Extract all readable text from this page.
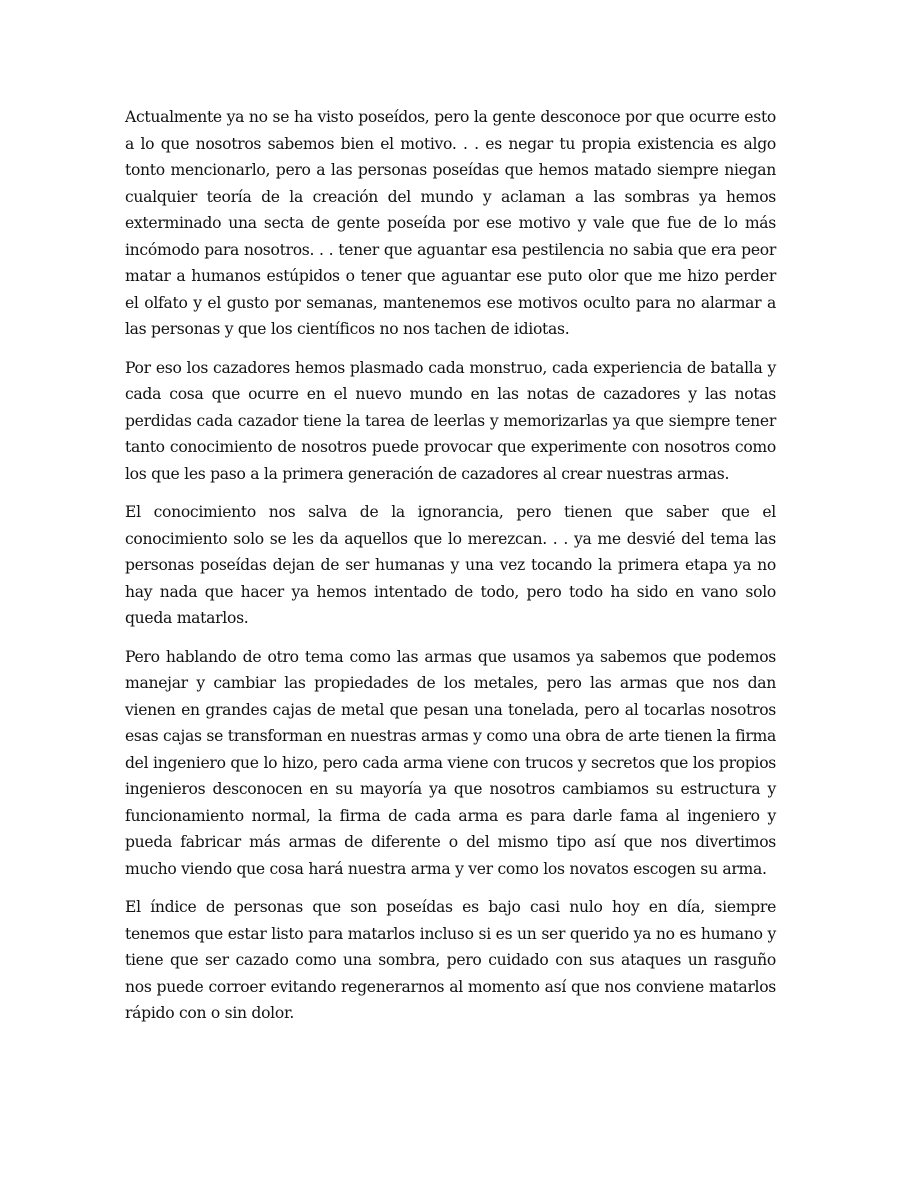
Actualmente ya no se ha visto poseídos, pero la gente desconoce por que ocurre esto a lo que nosotros sabemos bien el motivo. . . es negar tu propia existencia es algo tonto mencionarlo, pero a las personas poseídas que hemos matado siempre niegan cualquier teoría de la creación del mundo y aclaman a las sombras ya hemos exterminado una secta de gente poseída por ese motivo y vale que fue de lo más incómodo para nosotros. . . tener que aguantar esa pestilencia no sabia que era peor matar a humanos estúpidos o tener que aguantar ese puto olor que me hizo perder el olfato y el gusto por semanas, mantenemos ese motivos oculto para no alarmar a las personas y que los científicos no nos tachen de idiotas.

Por eso los cazadores hemos plasmado cada monstruo, cada experiencia de batalla y cada cosa que ocurre en el nuevo mundo en las notas de cazadores y las notas perdidas cada cazador tiene la tarea de leerlas y memorizarlas ya que siempre tener tanto conocimiento de nosotros puede provocar que experimente con nosotros como los que les paso a la primera generación de cazadores al crear nuestras armas.

El conocimiento nos salva de la ignorancia, pero tienen que saber que el conocimiento solo se les da aquellos que lo merezcan. . . ya me desvié del tema las personas poseídas dejan de ser humanas y una vez tocando la primera etapa ya no hay nada que hacer ya hemos intentado de todo, pero todo ha sido en vano solo queda matarlos.

Pero hablando de otro tema como las armas que usamos ya sabemos que podemos manejar y cambiar las propiedades de los metales, pero las armas que nos dan vienen en grandes cajas de metal que pesan una tonelada, pero al tocarlas nosotros esas cajas se transforman en nuestras armas y como una obra de arte tienen la firma del ingeniero que lo hizo, pero cada arma viene con trucos y secretos que los propios ingenieros desconocen en su mayoría ya que nosotros cambiamos su estructura y funcionamiento normal, la firma de cada arma es para darle fama al ingeniero y pueda fabricar más armas de diferente o del mismo tipo así que nos divertimos mucho viendo que cosa hará nuestra arma y ver como los novatos escogen su arma.

El índice de personas que son poseídas es bajo casi nulo hoy en día, siempre tenemos que estar listo para matarlos incluso si es un ser querido ya no es humano y tiene que ser cazado como una sombra, pero cuidado con sus ataques un rasguño nos puede corroer evitando regenerarnos al momento así que nos conviene matarlos rápido con o sin dolor.
